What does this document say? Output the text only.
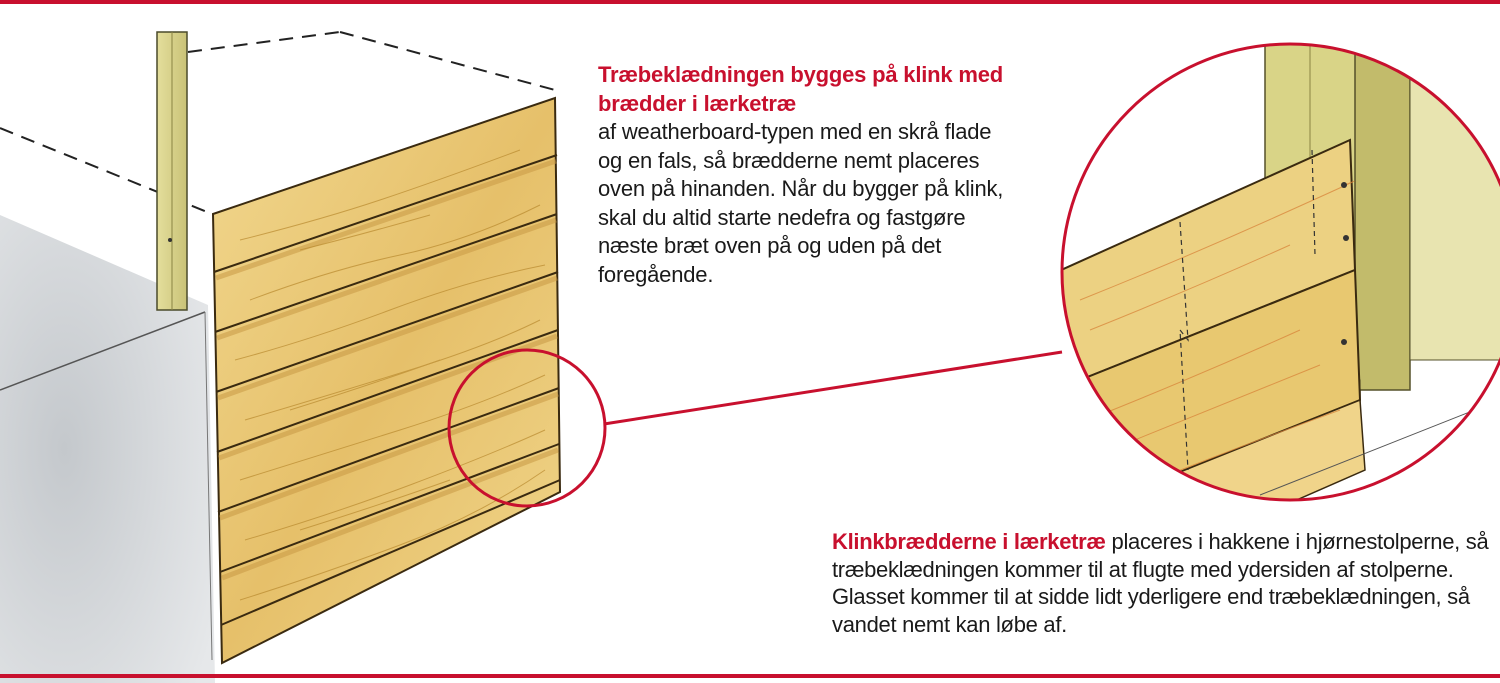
Træbeklædningen bygges på klink med brædder i lærketræ
af weatherboard-typen med en skrå flade og en fals, så brædderne nemt placeres oven på hinanden. Når du bygger på klink, skal du altid starte nedefra og fastgøre næste bræt oven på og uden på det foregående.
Klinkbrædderne i lærketræ placeres i hakkene i hjørnestolperne, så træbeklædningen kommer til at flugte med ydersiden af stolperne. Glasset kommer til at sidde lidt yderligere end træbeklædningen, så vandet nemt kan løbe af.
